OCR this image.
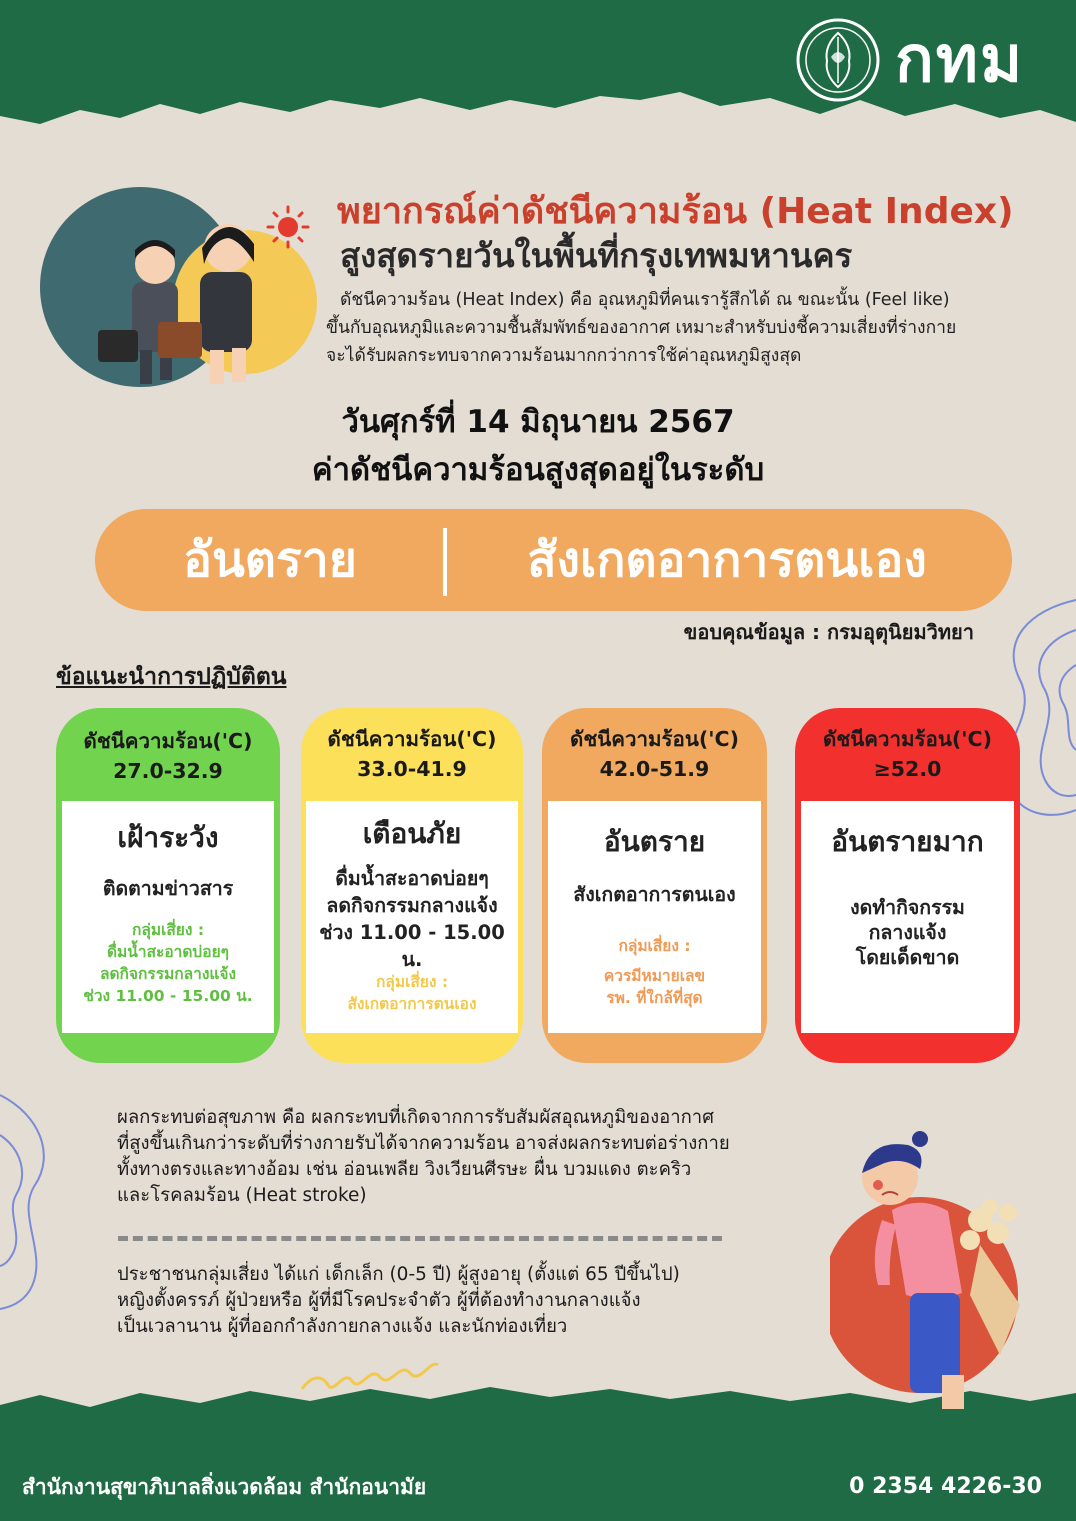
กทม
พยากรณ์ค่าดัชนีความร้อน (Heat Index)
สูงสุดรายวันในพื้นที่กรุงเทพมหานคร
ดัชนีความร้อน (Heat Index) คือ อุณหภูมิที่คนเรารู้สึกได้ ณ ขณะนั้น (Feel like)
ขึ้นกับอุณหภูมิและความชื้นสัมพัทธ์ของอากาศ เหมาะสำหรับบ่งชี้ความเสี่ยงที่ร่างกาย
จะได้รับผลกระทบจากความร้อนมากกว่าการใช้ค่าอุณหภูมิสูงสุด
วันศุกร์ที่ 14 มิถุนายน 2567
ค่าดัชนีความร้อนสูงสุดอยู่ในระดับ
อันตราย	สังเกตอาการตนเอง
ขอบคุณข้อมูล : กรมอุตุนิยมวิทยา
ข้อแนะนำการปฏิบัติตน
ดัชนีความร้อน('C)
27.0-32.9
เฝ้าระวัง
ติดตามข่าวสาร
กลุ่มเสี่ยง :
ดื่มน้ำสะอาดบ่อยๆ
ลดกิจกรรมกลางแจ้ง
ช่วง 11.00 - 15.00 น.
ดัชนีความร้อน('C)
33.0-41.9
เตือนภัย
ดื่มน้ำสะอาดบ่อยๆ
ลดกิจกรรมกลางแจ้ง
ช่วง 11.00 - 15.00 น.
กลุ่มเสี่ยง :
สังเกตอาการตนเอง
ดัชนีความร้อน('C)
42.0-51.9
อันตราย
สังเกตอาการตนเอง
กลุ่มเสี่ยง :
ควรมีหมายเลข
รพ. ที่ใกล้ที่สุด
ดัชนีความร้อน('C)
≥52.0
อันตรายมาก
งดทำกิจกรรม
กลางแจ้ง
โดยเด็ดขาด
ผลกระทบต่อสุขภาพ คือ ผลกระทบที่เกิดจากการรับสัมผัสอุณหภูมิของอากาศ
ที่สูงขึ้นเกินกว่าระดับที่ร่างกายรับได้จากความร้อน อาจส่งผลกระทบต่อร่างกาย
ทั้งทางตรงและทางอ้อม เช่น อ่อนเพลีย วิงเวียนศีรษะ ผื่น บวมแดง ตะคริว
และโรคลมร้อน (Heat stroke)
ประชาชนกลุ่มเสี่ยง ได้แก่ เด็กเล็ก (0-5 ปี) ผู้สูงอายุ (ตั้งแต่ 65 ปีขึ้นไป)
หญิงตั้งครรภ์ ผู้ป่วยหรือ ผู้ที่มีโรคประจำตัว ผู้ที่ต้องทำงานกลางแจ้ง
เป็นเวลานาน ผู้ที่ออกกำลังกายกลางแจ้ง และนักท่องเที่ยว
สำนักงานสุขาภิบาลสิ่งแวดล้อม สำนักอนามัย	0 2354 4226-30
